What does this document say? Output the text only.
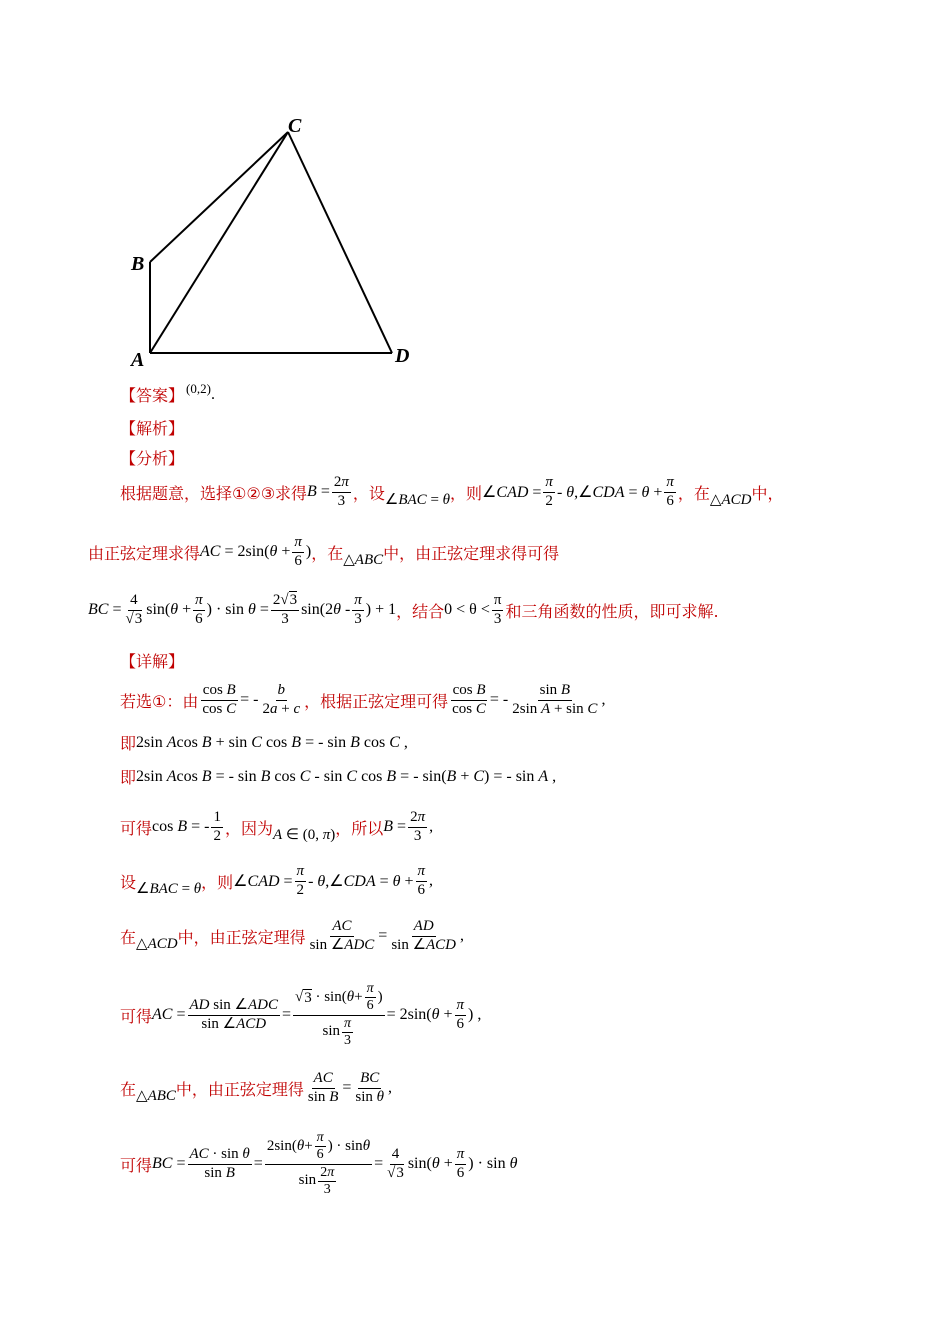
C
B
A	D
【答案】 (0,2) .
【解析】
【分析】
根据题意，选择①②③求得 $B = \frac{2\pi}{3}$ ，设 ∠BAC = θ ，则 ∠CAD = $\frac{\pi}{2}$ - θ,∠CDA = $\theta + \frac{\pi}{6}$ ，在 △ACD 中，
由正弦定理求得 AC = $2\sin(\theta + \frac{\pi}{6}$ ) ，在 △ABC 中，由正弦定理求得可得
BC = $\frac{4}{√3} \sin(\theta + \frac{\pi}{6}$ ) · $\sin \theta = \frac{2√3}{3} \sin(2\theta - \frac{\pi}{3}$ ) + 1 ，结合 $0 < \theta < \frac{\pi}{3}$ 和三角函数的性质，即可求解.
【详解】
若选①：由 $\frac{\text{cos B}}{\text{cos C}}$ = - $\frac{b}{2a + c}$ ，根据正弦定理可得 $\frac{\text{cos B}}{\text{cos C}}$ = - $\frac{\text{sin B}}{\text{2sin A + sin C}}$ ,
即 2sin Acos B + sin C cos B = - sin B cos C ,
即 2sin Acos B = - sin B cos C - sin C cos B = - sin(B + C) = - sin A ,
可得 cos B = - $\frac{1}{2}$ ，因为 A ∈ (0, π) ，所以 $B = \frac{2\pi}{3}$ ,
设 ∠BAC = θ ，则 ∠CAD = $\frac{\pi}{2}$ - θ,∠CDA = $\theta + \frac{\pi}{6}$ ,
在 △ACD 中，由正弦定理得 $\frac{AC}{\text{sin ∠ADC}} = \frac{AD}{\text{sin ∠ACD}}$ ,
可得 AC = $\frac{\text{AD sin ∠ADC}}{\text{sin ∠ACD}} = \frac{√ 3 \cdot \sin( \theta + \frac{\pi}{6} )}{\sin \frac{\pi}{3}} = 2\sin(\theta + \frac{\pi}{6}$ ) ,
在 △ABC 中，由正弦定理得 $\frac{AC}{\text{sin B}} = \frac{BC}{\text{sin θ}}$ ,
可得 BC = $\frac{\text{AC · sin θ}}{\text{sin B}} = \frac{2\sin( \theta + \frac{\pi}{6} ) \cdot \sin \theta}{\sin \frac{2\pi}{3}} = \frac{4}{√3} \sin(\theta + \frac{\pi}{6}$ ) · sin θ
